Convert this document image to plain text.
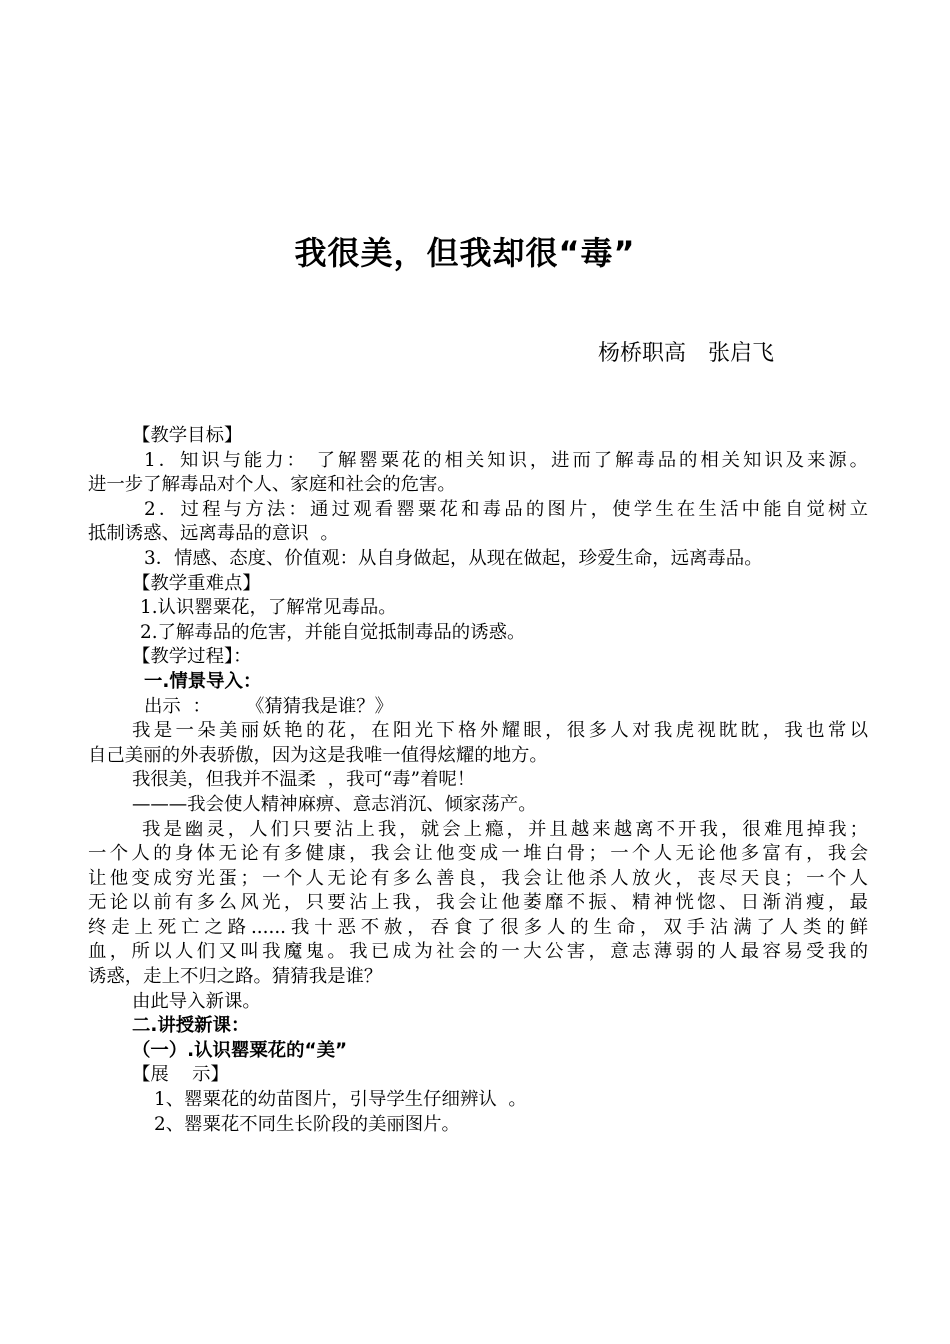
我很美，但我却很“毒”
杨桥职高　张启飞
【教学目标】
1．知识与能力： 了解罂粟花的相关知识，进而了解毒品的相关知识及来源。
进一步了解毒品对个人、家庭和社会的危害。
2．过程与方法：通过观看罂粟花和毒品的图片，使学生在生活中能自觉树立
抵制诱惑、远离毒品的意识  。
3．情感、态度、价值观：从自身做起，从现在做起，珍爱生命，远离毒品。
【教学重难点】
1.认识罂粟花，了解常见毒品。
2.了解毒品的危害，并能自觉抵制毒品的诱惑。
【教学过程】：
一.情景导入：
出示  ：      《猜猜我是谁？》
我是一朵美丽妖艳的花，在阳光下格外耀眼，很多人对我虎视眈眈，我也常以
自己美丽的外表骄傲，因为这是我唯一值得炫耀的地方。
我很美，但我并不温柔  ，我可“毒”着呢！
———我会使人精神麻痹、意志消沉、倾家荡产。
我是幽灵，人们只要沾上我，就会上瘾，并且越来越离不开我，很难甩掉我；
一个人的身体无论有多健康，我会让他变成一堆白骨；一个人无论他多富有，我会
让他变成穷光蛋；一个人无论有多么善良，我会让他杀人放火，丧尽天良；一个人
无论以前有多么风光，只要沾上我，我会让他萎靡不振、精神恍惚、日渐消瘦，最
终走上死亡之路......我十恶不赦，吞食了很多人的生命，双手沾满了人类的鲜
血，所以人们又叫我魔鬼。我已成为社会的一大公害，意志薄弱的人最容易受我的
诱惑，走上不归之路。猜猜我是谁？
由此导入新课。
二.讲授新课：
（一）.认识罂粟花的“美”
【展    示】
1、罂粟花的幼苗图片，引导学生仔细辨认  。
2、罂粟花不同生长阶段的美丽图片。
